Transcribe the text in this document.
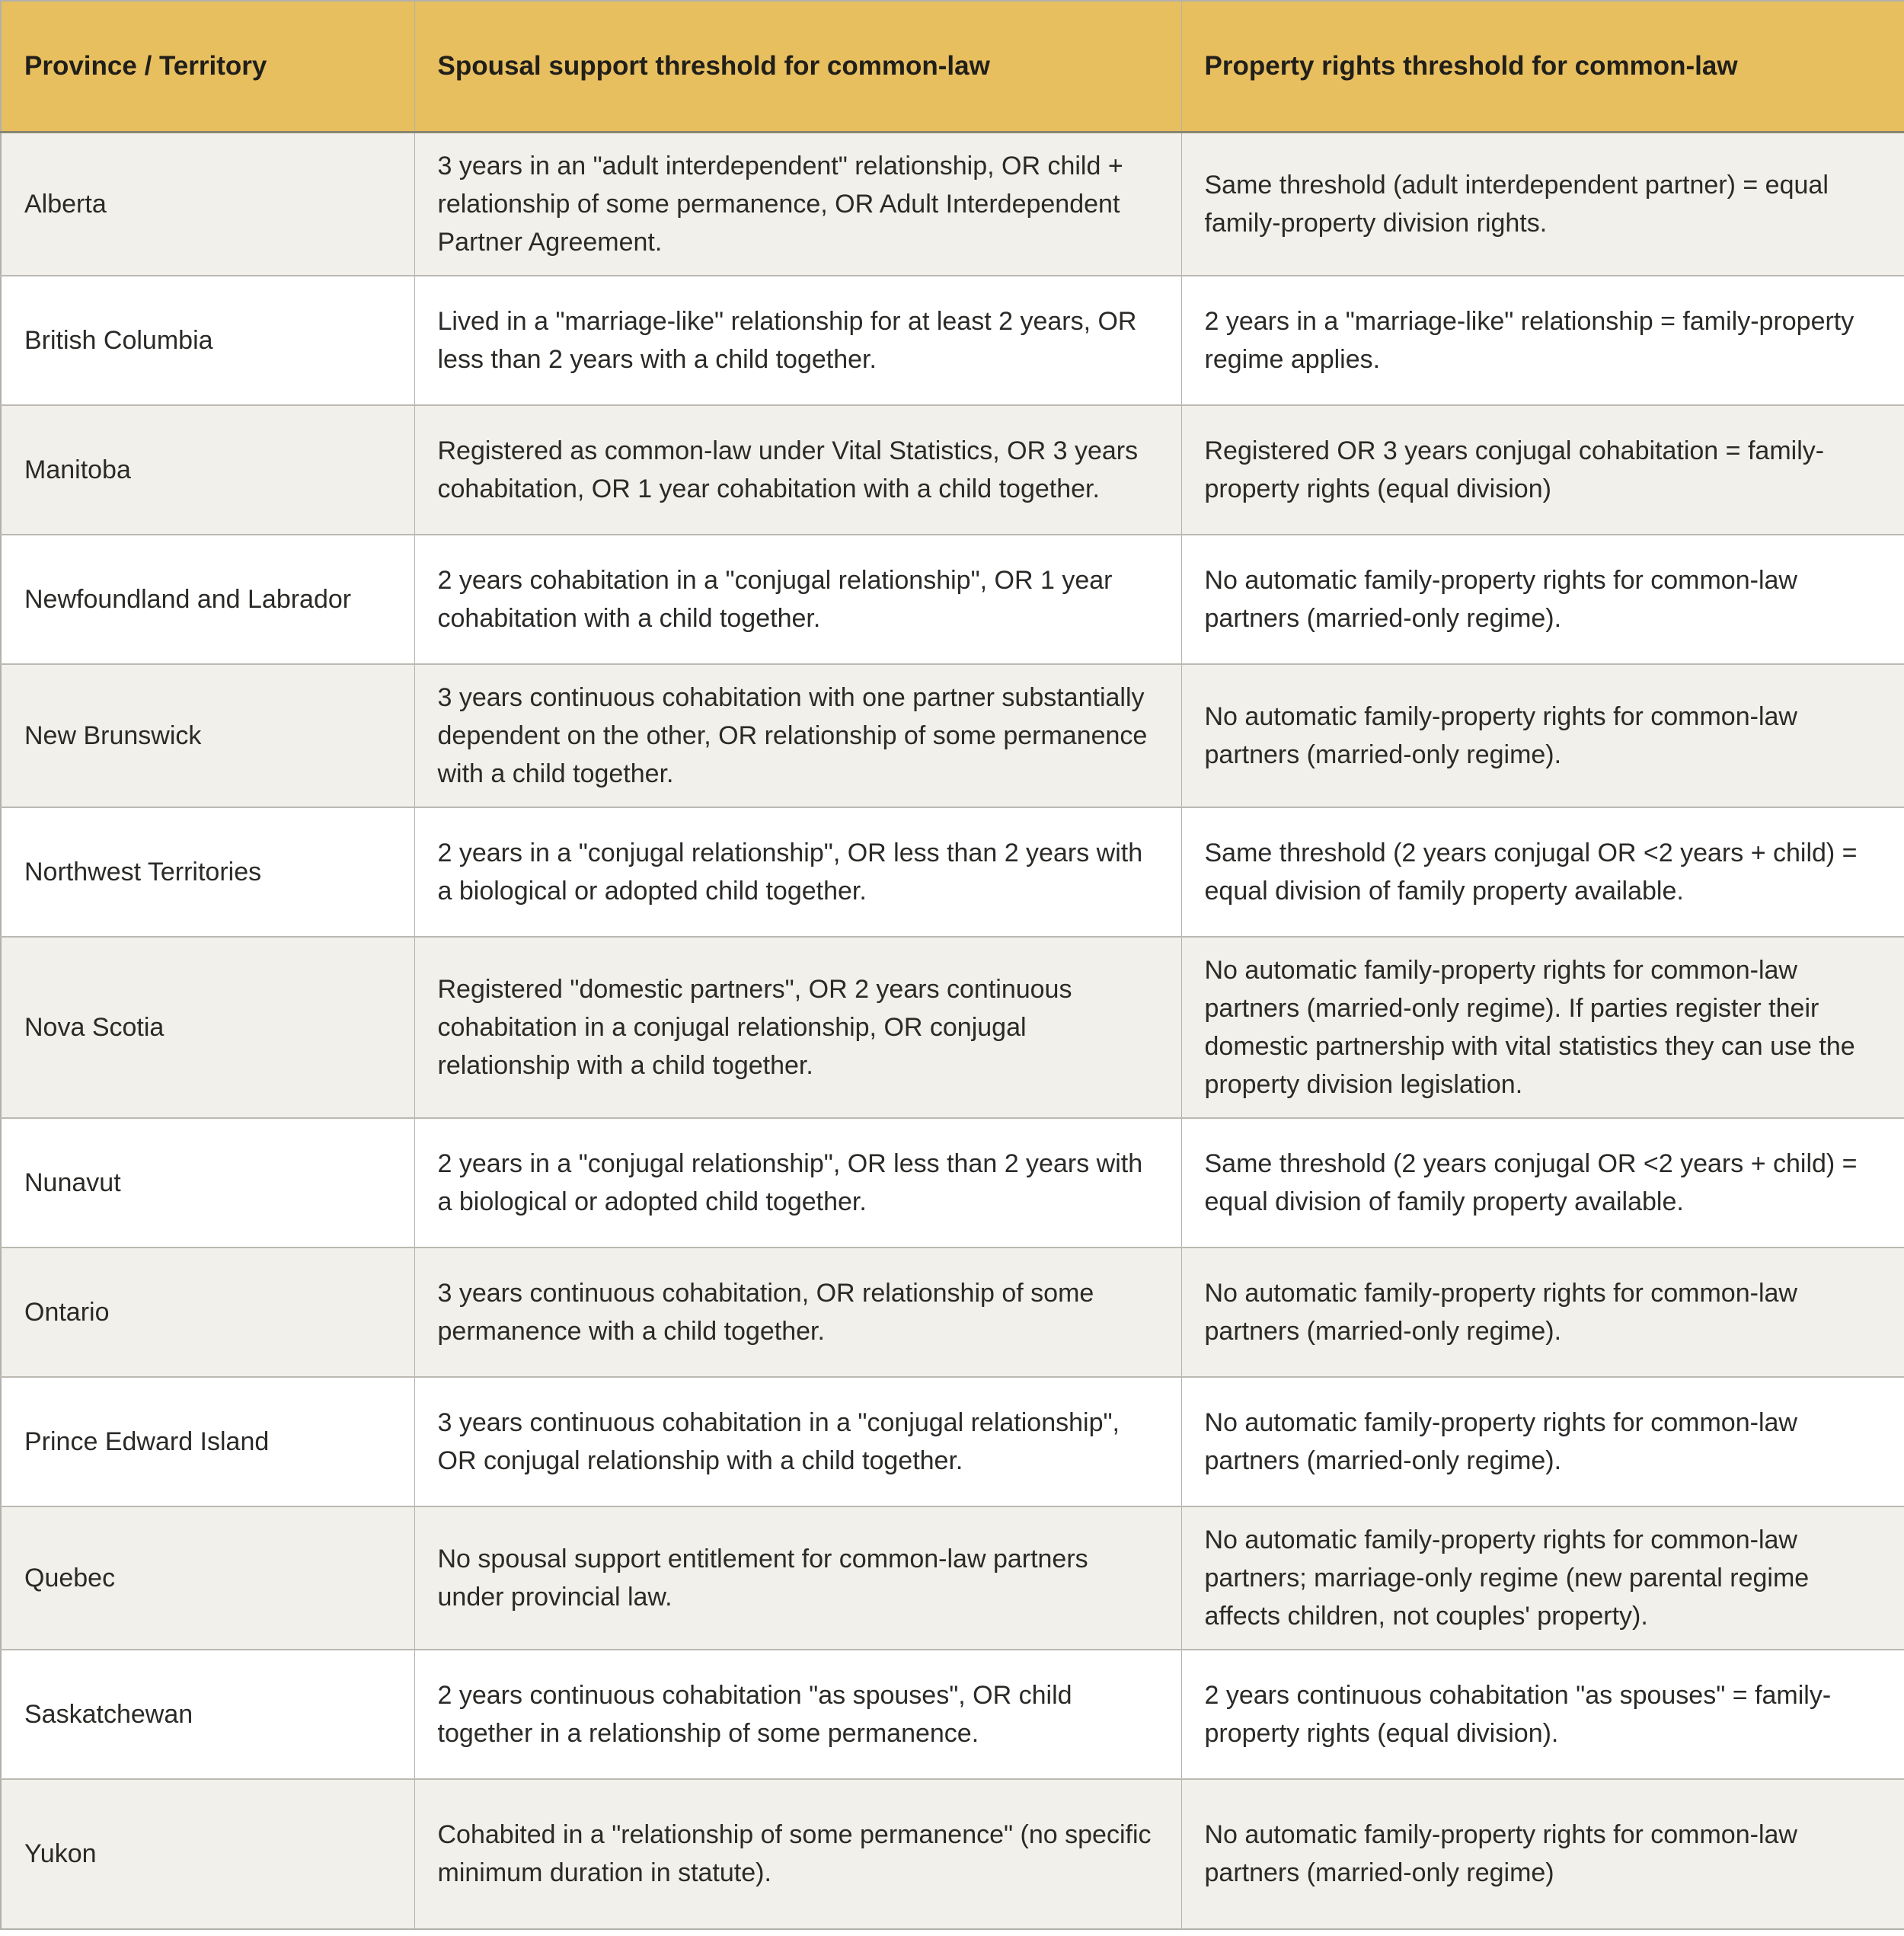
Province / Territory	Spousal support threshold for common-law	Property rights threshold for common-law
Alberta	3 years in an "adult interdependent" relationship, OR child + relationship of some permanence, OR Adult Interdependent Partner Agreement.	Same threshold (adult interdependent partner) = equal family-property division rights.
British Columbia	Lived in a "marriage-like" relationship for at least 2 years, OR less than 2 years with a child together.	2 years in a "marriage-like" relationship = family-property regime applies.
Manitoba	Registered as common-law under Vital Statistics, OR 3 years cohabitation, OR 1 year cohabitation with a child together.	Registered OR 3 years conjugal cohabitation = family-property rights (equal division)
Newfoundland and Labrador	2 years cohabitation in a "conjugal relationship", OR 1 year cohabitation with a child together.	No automatic family-property rights for common-law partners (married-only regime).
New Brunswick	3 years continuous cohabitation with one partner substantially dependent on the other, OR relationship of some permanence with a child together.	No automatic family-property rights for common-law partners (married-only regime).
Northwest Territories	2 years in a "conjugal relationship", OR less than 2 years with a biological or adopted child together.	Same threshold (2 years conjugal OR <2 years + child) = equal division of family property available.
Nova Scotia	Registered "domestic partners", OR 2 years continuous cohabitation in a conjugal relationship, OR conjugal relationship with a child together.	No automatic family-property rights for common-law partners (married-only regime). If parties register their domestic partnership with vital statistics they can use the property division legislation.
Nunavut	2 years in a "conjugal relationship", OR less than 2 years with a biological or adopted child together.	Same threshold (2 years conjugal OR <2 years + child) = equal division of family property available.
Ontario	3 years continuous cohabitation, OR relationship of some permanence with a child together.	No automatic family-property rights for common-law partners (married-only regime).
Prince Edward Island	3 years continuous cohabitation in a "conjugal relationship", OR conjugal relationship with a child together.	No automatic family-property rights for common-law partners (married-only regime).
Quebec	No spousal support entitlement for common-law partners under provincial law.	No automatic family-property rights for common-law partners; marriage-only regime (new parental regime affects children, not couples' property).
Saskatchewan	2 years continuous cohabitation "as spouses", OR child together in a relationship of some permanence.	2 years continuous cohabitation "as spouses" = family-property rights (equal division).
Yukon	Cohabited in a "relationship of some permanence" (no specific minimum duration in statute).	No automatic family-property rights for common-law partners (married-only regime)
